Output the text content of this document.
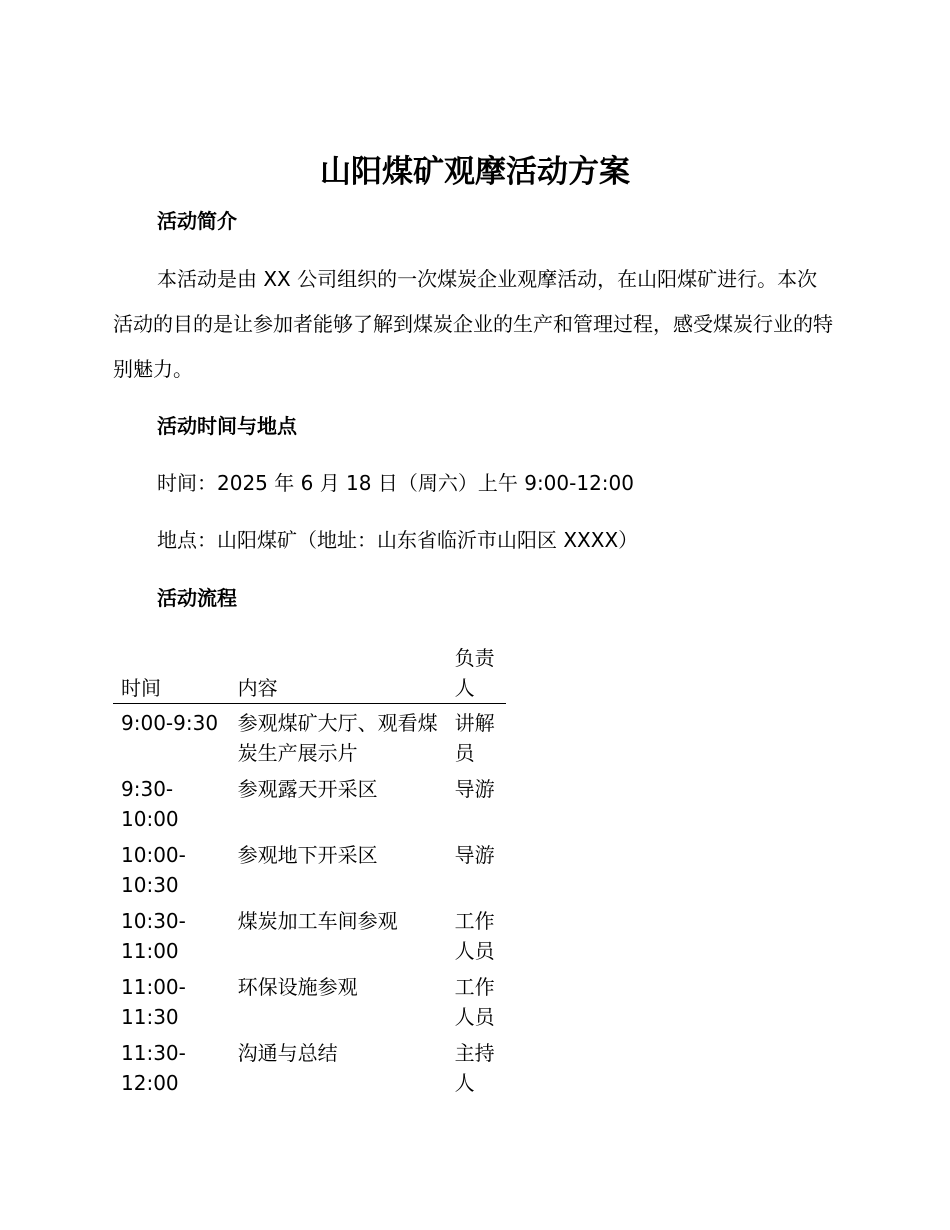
山阳煤矿观摩活动方案
活动简介

本活动是由 XX 公司组织的一次煤炭企业观摩活动，在山阳煤矿进行。本次活动的目的是让参加者能够了解到煤炭企业的生产和管理过程，感受煤炭行业的特别魅力。

活动时间与地点

时间：2025 年 6 月 18 日（周六）上午 9:00-12:00

地点：山阳煤矿（地址：山东省临沂市山阳区 XXXX）

活动流程
时间	内容	负责人
9:00-9:30	参观煤矿大厅、观看煤炭生产展示片	讲解员
9:30-10:00	参观露天开采区	导游
10:00-10:30	参观地下开采区	导游
10:30-11:00	煤炭加工车间参观	工作人员
11:00-11:30	环保设施参观	工作人员
11:30-12:00	沟通与总结	主持人
